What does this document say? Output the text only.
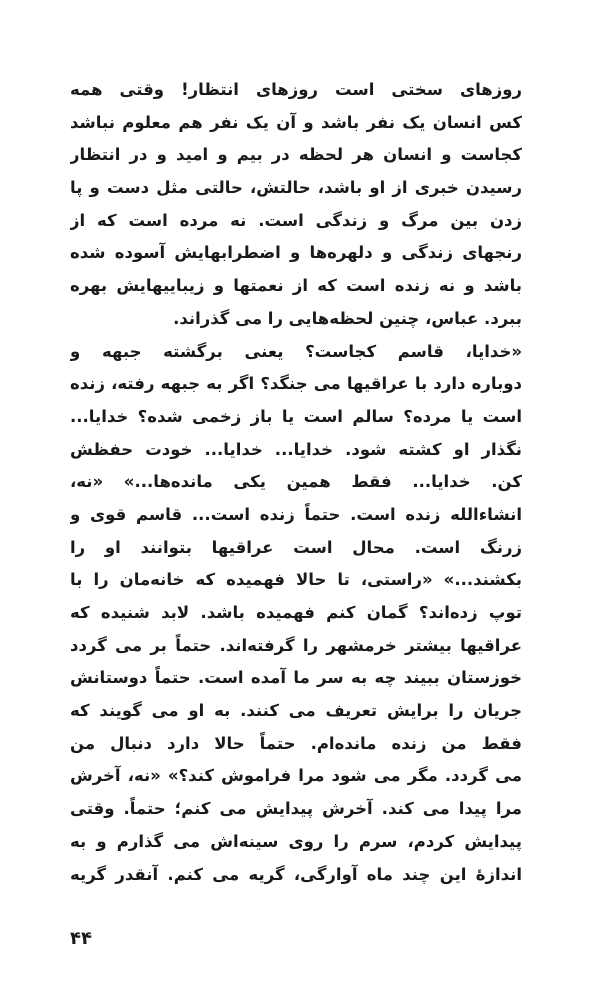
روزهای سختی است روزهای انتظار! وقتی همه
کس انسان یک نفر باشد و آن یک نفر هم معلوم نباشد
کجاست و انسان هر لحظه در بیم و امید و در انتظار
رسیدن خبری از او باشد، حالتش، حالتی مثل دست و پا
زدن بین مرگ و زندگی است. نه مرده است که از
رنجهای زندگی و دلهره‌ها و اضطرابهایش آسوده شده
باشد و نه زنده است که از نعمتها و زیباییهایش بهره
ببرد. عباس، چنین لحظه‌هایی را می گذراند.
«خدایا، قاسم کجاست؟ یعنی برگشته جبهه و
دوباره دارد با عراقیها می جنگد؟ اگر به جبهه رفته، زنده
است یا مرده؟ سالم است یا باز زخمی شده؟ خدایا...
نگذار او کشته شود. خدایا... خدایا... خودت حفظش
کن. خدایا... فقط همین یکی مانده‌ها...» «نه،
انشاءالله زنده است. حتماً زنده است... قاسم قوی و
زرنگ است. محال است عراقیها بتوانند او را
بکشند...» «راستی، تا حالا فهمیده که خانه‌مان را با
توپ زده‌اند؟ گمان کنم فهمیده باشد. لابد شنیده که
عراقیها بیشتر خرمشهر را گرفته‌اند. حتماً بر می گردد
خوزستان ببیند چه به سر ما آمده است. حتماً دوستانش
جریان را برایش تعریف می کنند. به او می گویند که
فقط من زنده مانده‌ام. حتماً حالا دارد دنبال من
می گردد. مگر می شود مرا فراموش کند؟» «نه، آخرش
مرا پیدا می کند. آخرش پیدایش می کنم؛ حتماً. وقتی
پیدایش کردم، سرم را روی سینه‌اش می گذارم و به
اندازهٔ این چند ماه آوارگی، گریه می کنم. آنقدر گریه
۴۴
